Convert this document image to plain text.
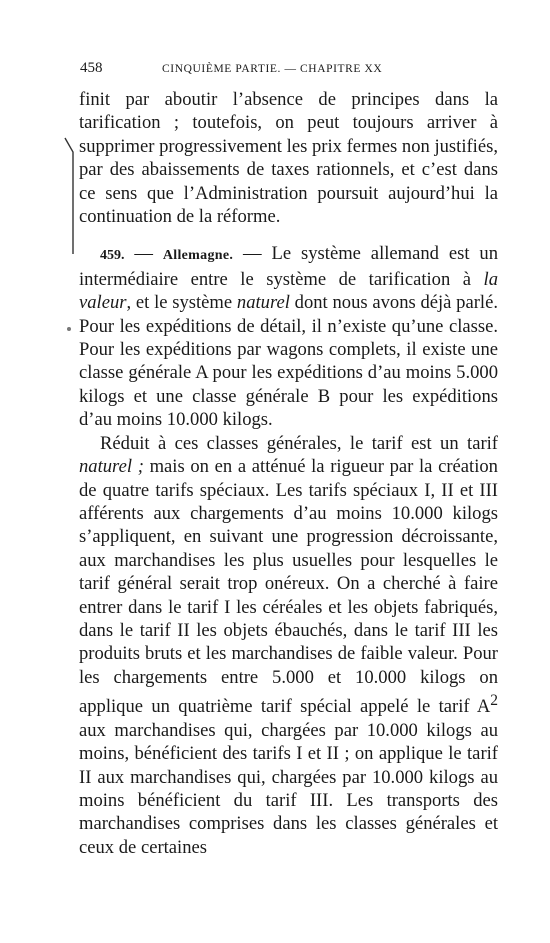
458	CINQUIÈME PARTIE. — CHAPITRE XX

finit par aboutir l’absence de principes dans la tarification ; toutefois, on peut toujours arriver à supprimer progressivement les prix fermes non justifiés, par des abaissements de taxes rationnels, et c’est dans ce sens que l’Administration poursuit aujourd’hui la continuation de la réforme.

459. — Allemagne. — Le système allemand est un intermédiaire entre le système de tarification à la valeur, et le système naturel dont nous avons déjà parlé. Pour les expéditions de détail, il n’existe qu’une classe. Pour les expéditions par wagons complets, il existe une classe générale A pour les expéditions d’au moins 5.000 kilogs et une classe générale B pour les expéditions d’au moins 10.000 kilogs.

Réduit à ces classes générales, le tarif est un tarif naturel ; mais on en a atténué la rigueur par la création de quatre tarifs spéciaux. Les tarifs spéciaux I, II et III afférents aux chargements d’au moins 10.000 kilogs s’appliquent, en suivant une progression décroissante, aux marchandises les plus usuelles pour lesquelles le tarif général serait trop onéreux. On a cherché à faire entrer dans le tarif I les céréales et les objets fabriqués, dans le tarif II les objets ébauchés, dans le tarif III les produits bruts et les marchandises de faible valeur. Pour les chargements entre 5.000 et 10.000 kilogs on applique un quatrième tarif spécial appelé le tarif $A^2$ aux marchandises qui, chargées par 10.000 kilogs au moins, bénéficient des tarifs I et II ; on applique le tarif II aux marchandises qui, chargées par 10.000 kilogs au moins bénéficient du tarif III. Les transports des marchandises comprises dans les classes générales et ceux de certaines
